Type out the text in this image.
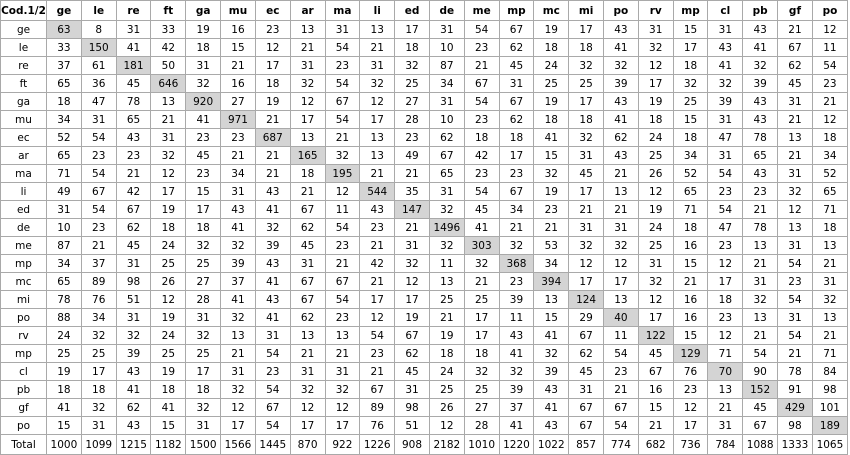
Cod.1/2	ge	le	re	ft	ga	mu	ec	ar	ma	li	ed	de	me	mp	mc	mi	po	rv	mp	cl	pb	gf	po
ge	63	8	31	33	19	16	23	13	31	13	17	31	54	67	19	17	43	31	15	31	43	21	12
le	33	150	41	42	18	15	12	21	54	21	18	10	23	62	18	18	41	32	17	43	41	67	11
re	37	61	181	50	31	21	17	31	23	31	32	87	21	45	24	32	32	12	18	41	32	62	54
ft	65	36	45	646	32	16	18	32	54	32	25	34	67	31	25	25	39	17	32	32	39	45	23
ga	18	47	78	13	920	27	19	12	67	12	27	31	54	67	19	17	43	19	25	39	43	31	21
mu	34	31	65	21	41	971	21	17	54	17	28	10	23	62	18	18	41	18	15	31	43	21	12
ec	52	54	43	31	23	23	687	13	21	13	23	62	18	18	41	32	62	24	18	47	78	13	18
ar	65	23	23	32	45	21	21	165	32	13	49	67	42	17	15	31	43	25	34	31	65	21	34
ma	71	54	21	12	23	34	21	18	195	21	21	65	23	23	32	45	21	26	52	54	43	31	52
li	49	67	42	17	15	31	43	21	12	544	35	31	54	67	19	17	13	12	65	23	23	32	65
ed	31	54	67	19	17	43	41	67	11	43	147	32	45	34	23	21	21	19	71	54	21	12	71
de	10	23	62	18	18	41	32	62	54	23	21	1496	41	21	21	31	31	24	18	47	78	13	18
me	87	21	45	24	32	32	39	45	23	21	31	32	303	32	53	32	32	25	16	23	13	31	13
mp	34	37	31	25	25	39	43	31	21	42	32	11	32	368	34	12	12	31	15	12	21	54	21
mc	65	89	98	26	27	37	41	67	67	21	12	13	21	23	394	17	17	32	21	17	31	23	31
mi	78	76	51	12	28	41	43	67	54	17	17	25	25	39	13	124	13	12	16	18	32	54	32
po	88	34	31	19	31	32	41	62	23	12	19	21	17	11	15	29	40	17	16	23	13	31	13
rv	24	32	32	24	32	13	31	13	13	54	67	19	17	43	41	67	11	122	15	12	21	54	21
mp	25	25	39	25	25	21	54	21	21	23	62	18	18	41	32	62	54	45	129	71	54	21	71
cl	19	17	43	19	17	31	23	31	31	21	45	24	32	32	39	45	23	67	76	70	90	78	84
pb	18	18	41	18	18	32	54	32	32	67	31	25	25	39	43	31	21	16	23	13	152	91	98
gf	41	32	62	41	32	12	67	12	12	89	98	26	27	37	41	67	67	15	12	21	45	429	101
po	15	31	43	15	31	17	54	17	17	76	51	12	28	41	43	67	54	21	17	31	67	98	189
Total	1000	1099	1215	1182	1500	1566	1445	870	922	1226	908	2182	1010	1220	1022	857	774	682	736	784	1088	1333	1065
